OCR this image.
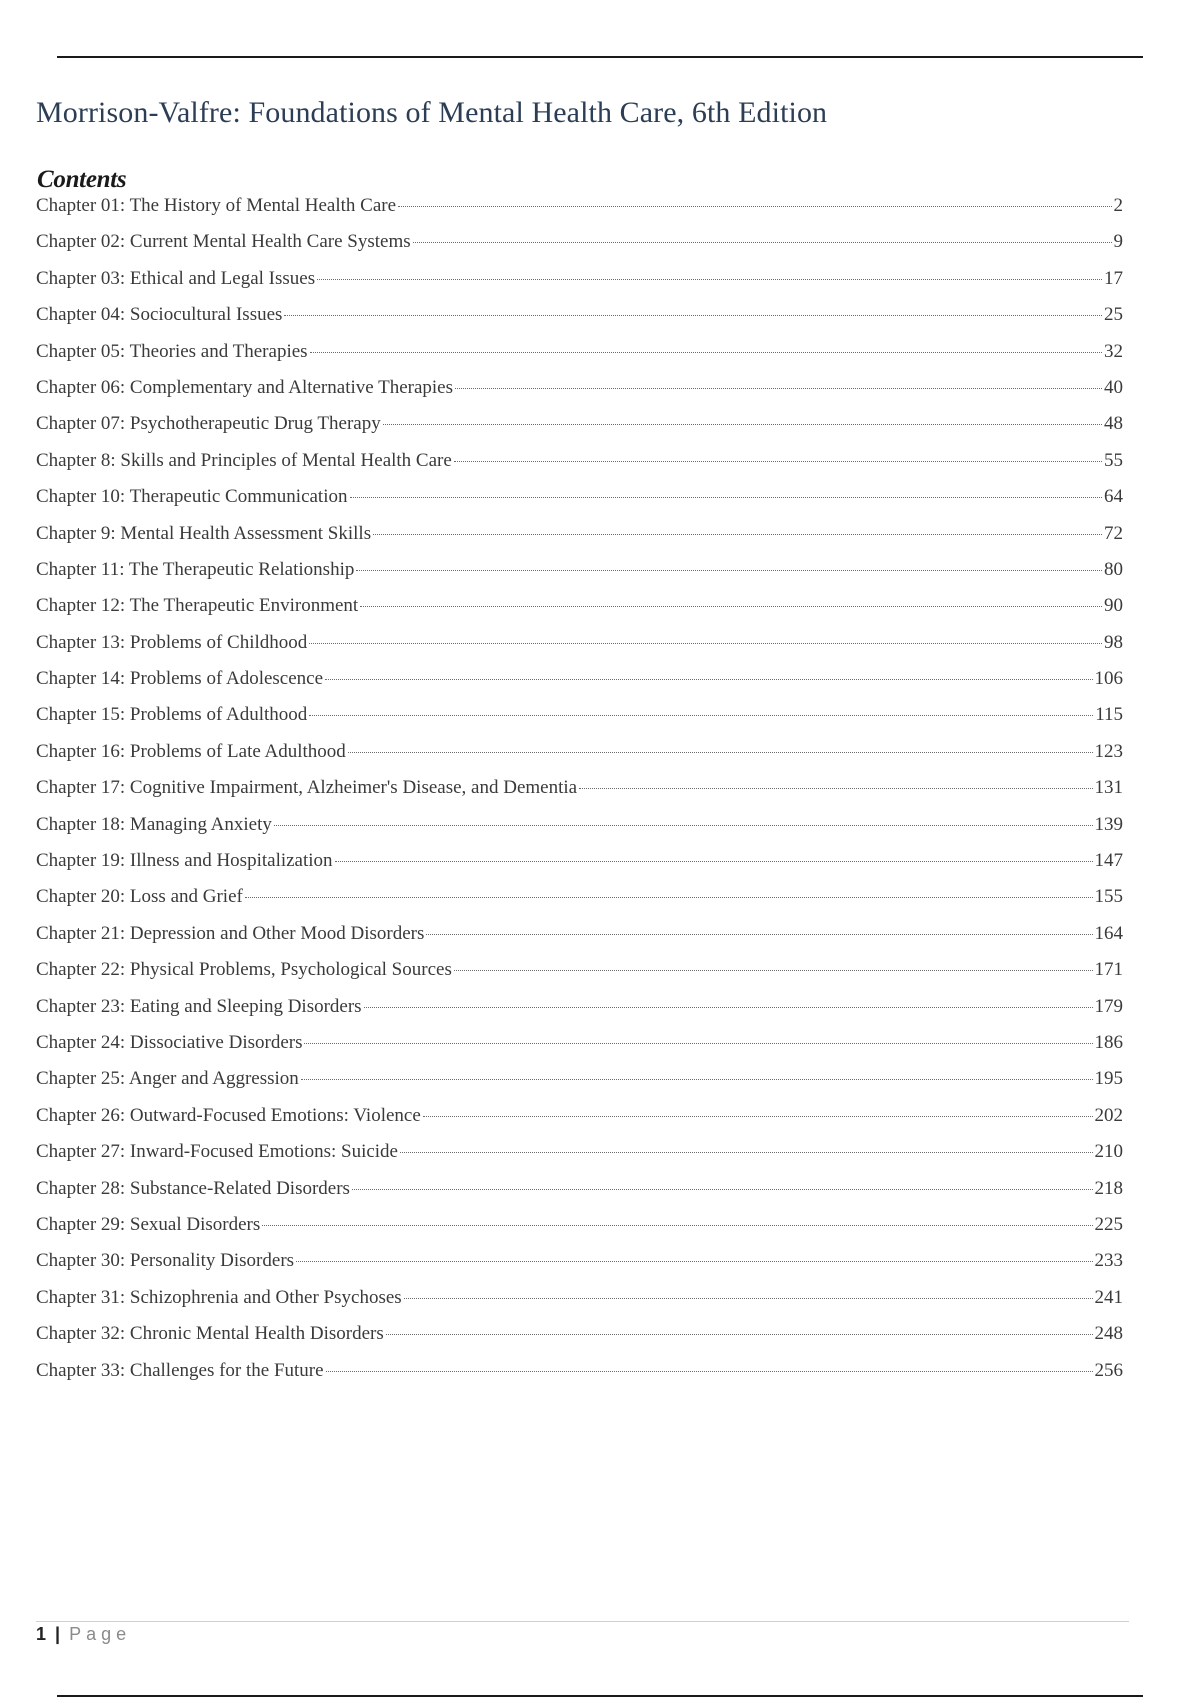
Morrison-Valfre: Foundations of Mental Health Care, 6th Edition
Contents
Chapter 01: The History of Mental Health Care	2
Chapter 02: Current Mental Health Care Systems	9
Chapter 03: Ethical and Legal Issues	17
Chapter 04: Sociocultural Issues	25
Chapter 05: Theories and Therapies	32
Chapter 06: Complementary and Alternative Therapies	40
Chapter 07: Psychotherapeutic Drug Therapy	48
Chapter 8: Skills and Principles of Mental Health Care	55
Chapter 10: Therapeutic Communication	64
Chapter 9: Mental Health Assessment Skills	72
Chapter 11: The Therapeutic Relationship	80
Chapter 12: The Therapeutic Environment	90
Chapter 13: Problems of Childhood	98
Chapter 14: Problems of Adolescence	106
Chapter 15: Problems of Adulthood	115
Chapter 16: Problems of Late Adulthood	123
Chapter 17: Cognitive Impairment, Alzheimer's Disease, and Dementia	131
Chapter 18: Managing Anxiety	139
Chapter 19: Illness and Hospitalization	147
Chapter 20: Loss and Grief	155
Chapter 21: Depression and Other Mood Disorders	164
Chapter 22: Physical Problems, Psychological Sources	171
Chapter 23: Eating and Sleeping Disorders	179
Chapter 24: Dissociative Disorders	186
Chapter 25: Anger and Aggression	195
Chapter 26: Outward-Focused Emotions: Violence	202
Chapter 27: Inward-Focused Emotions: Suicide	210
Chapter 28: Substance-Related Disorders	218
Chapter 29: Sexual Disorders	225
Chapter 30: Personality Disorders	233
Chapter 31: Schizophrenia and Other Psychoses	241
Chapter 32: Chronic Mental Health Disorders	248
Chapter 33: Challenges for the Future	256
1 | Page
